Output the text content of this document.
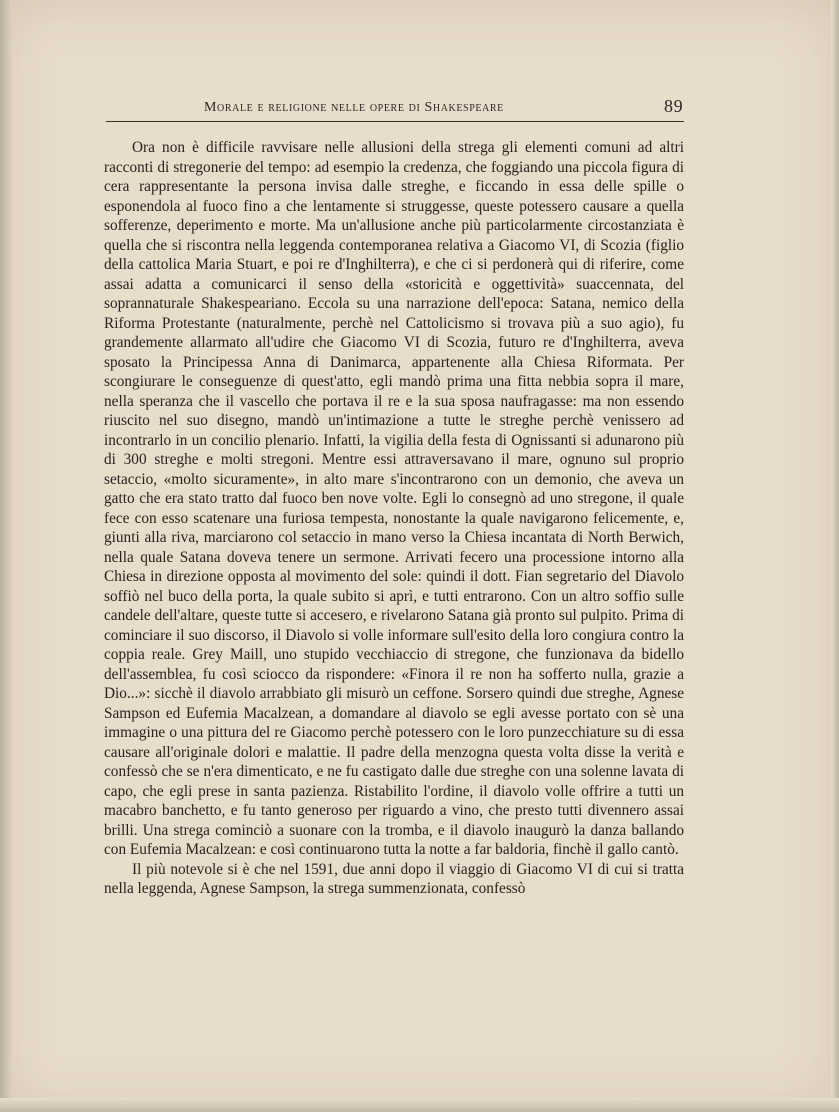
Morale e religione nelle opere di Shakespeare	89

Ora non è difficile ravvisare nelle allusioni della strega gli elementi comuni ad altri racconti di stregonerie del tempo: ad esempio la credenza, che foggiando una piccola figura di cera rappresentante la persona invisa dalle streghe, e ficcando in essa delle spille o esponendola al fuoco fino a che lentamente si struggesse, queste potessero causare a quella sofferenze, deperimento e morte. Ma un'allusione anche più particolarmente circostanziata è quella che si riscontra nella leggenda contemporanea relativa a Giacomo VI, di Scozia (figlio della cattolica Maria Stuart, e poi re d'Inghilterra), e che ci si perdonerà qui di riferire, come assai adatta a comunicarci il senso della «storicità e oggettività» suaccennata, del soprannaturale Shakespeariano. Eccola su una narrazione dell'epoca: Satana, nemico della Riforma Protestante (naturalmente, perchè nel Cattolicismo si trovava più a suo agio), fu grandemente allarmato all'udire che Giacomo VI di Scozia, futuro re d'Inghilterra, aveva sposato la Principessa Anna di Danimarca, appartenente alla Chiesa Riformata. Per scongiurare le conseguenze di quest'atto, egli mandò prima una fitta nebbia sopra il mare, nella speranza che il vascello che portava il re e la sua sposa naufragasse: ma non essendo riuscito nel suo disegno, mandò un'intimazione a tutte le streghe perchè venissero ad incontrarlo in un concilio plenario. Infatti, la vigilia della festa di Ognissanti si adunarono più di 300 streghe e molti stregoni. Mentre essi attraversavano il mare, ognuno sul proprio setaccio, «molto sicuramente», in alto mare s'incontrarono con un demonio, che aveva un gatto che era stato tratto dal fuoco ben nove volte. Egli lo consegnò ad uno stregone, il quale fece con esso scatenare una furiosa tempesta, nonostante la quale navigarono felicemente, e, giunti alla riva, marciarono col setaccio in mano verso la Chiesa incantata di North Berwich, nella quale Satana doveva tenere un sermone. Arrivati fecero una processione intorno alla Chiesa in direzione opposta al movimento del sole: quindi il dott. Fian segretario del Diavolo soffiò nel buco della porta, la quale subito si aprì, e tutti entrarono. Con un altro soffio sulle candele dell'altare, queste tutte si accesero, e rivelarono Satana già pronto sul pulpito. Prima di cominciare il suo discorso, il Diavolo si volle informare sull'esito della loro congiura contro la coppia reale. Grey Maill, uno stupido vecchiaccio di stregone, che funzionava da bidello dell'assemblea, fu così sciocco da rispondere: «Finora il re non ha sofferto nulla, grazie a Dio...»: sicchè il diavolo arrabbiato gli misurò un ceffone. Sorsero quindi due streghe, Agnese Sampson ed Eufemia Macalzean, a domandare al diavolo se egli avesse portato con sè una immagine o una pittura del re Giacomo perchè potessero con le loro punzecchiature su di essa causare all'originale dolori e malattie. Il padre della menzogna questa volta disse la verità e confessò che se n'era dimenticato, e ne fu castigato dalle due streghe con una solenne lavata di capo, che egli prese in santa pazienza. Ristabilito l'ordine, il diavolo volle offrire a tutti un macabro banchetto, e fu tanto generoso per riguardo a vino, che presto tutti divennero assai brilli. Una strega cominciò a suonare con la tromba, e il diavolo inaugurò la danza ballando con Eufemia Macalzean: e così continuarono tutta la notte a far baldoria, finchè il gallo cantò.

Il più notevole si è che nel 1591, due anni dopo il viaggio di Giacomo VI di cui si tratta nella leggenda, Agnese Sampson, la strega summenzionata, confessò
